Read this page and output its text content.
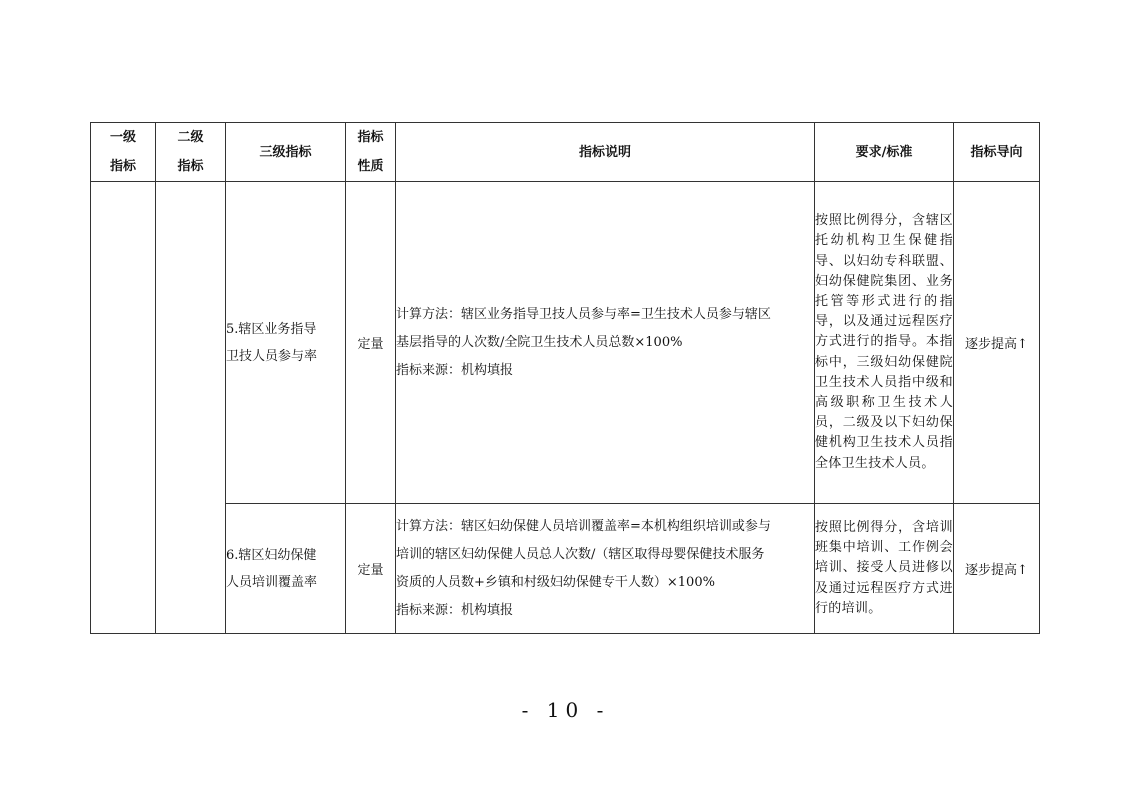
一级
指标	二级
指标	三级指标	指标
性质	指标说明	要求/标准	指标导向

		5.辖区业务指导
卫技人员参与率	定量	计算方法：辖区业务指导卫技人员参与率=卫生技术人员参与辖区
基层指导的人次数/全院卫生技术人员总数×100%
指标来源：机构填报	按照比例得分，含辖区托幼机构卫生保健指导、以妇幼专科联盟、妇幼保健院集团、业务托管等形式进行的指导，以及通过远程医疗方式进行的指导。本指标中，三级妇幼保健院卫生技术人员指中级和高级职称卫生技术人员，二级及以下妇幼保健机构卫生技术人员指全体卫生技术人员。	逐步提高↑

		6.辖区妇幼保健
人员培训覆盖率	定量	计算方法：辖区妇幼保健人员培训覆盖率=本机构组织培训或参与
培训的辖区妇幼保健人员总人次数/（辖区取得母婴保健技术服务
资质的人员数+乡镇和村级妇幼保健专干人数）×100%
指标来源：机构填报	按照比例得分，含培训班集中培训、工作例会培训、接受人员进修以及通过远程医疗方式进行的培训。	逐步提高↑
- 10 -
